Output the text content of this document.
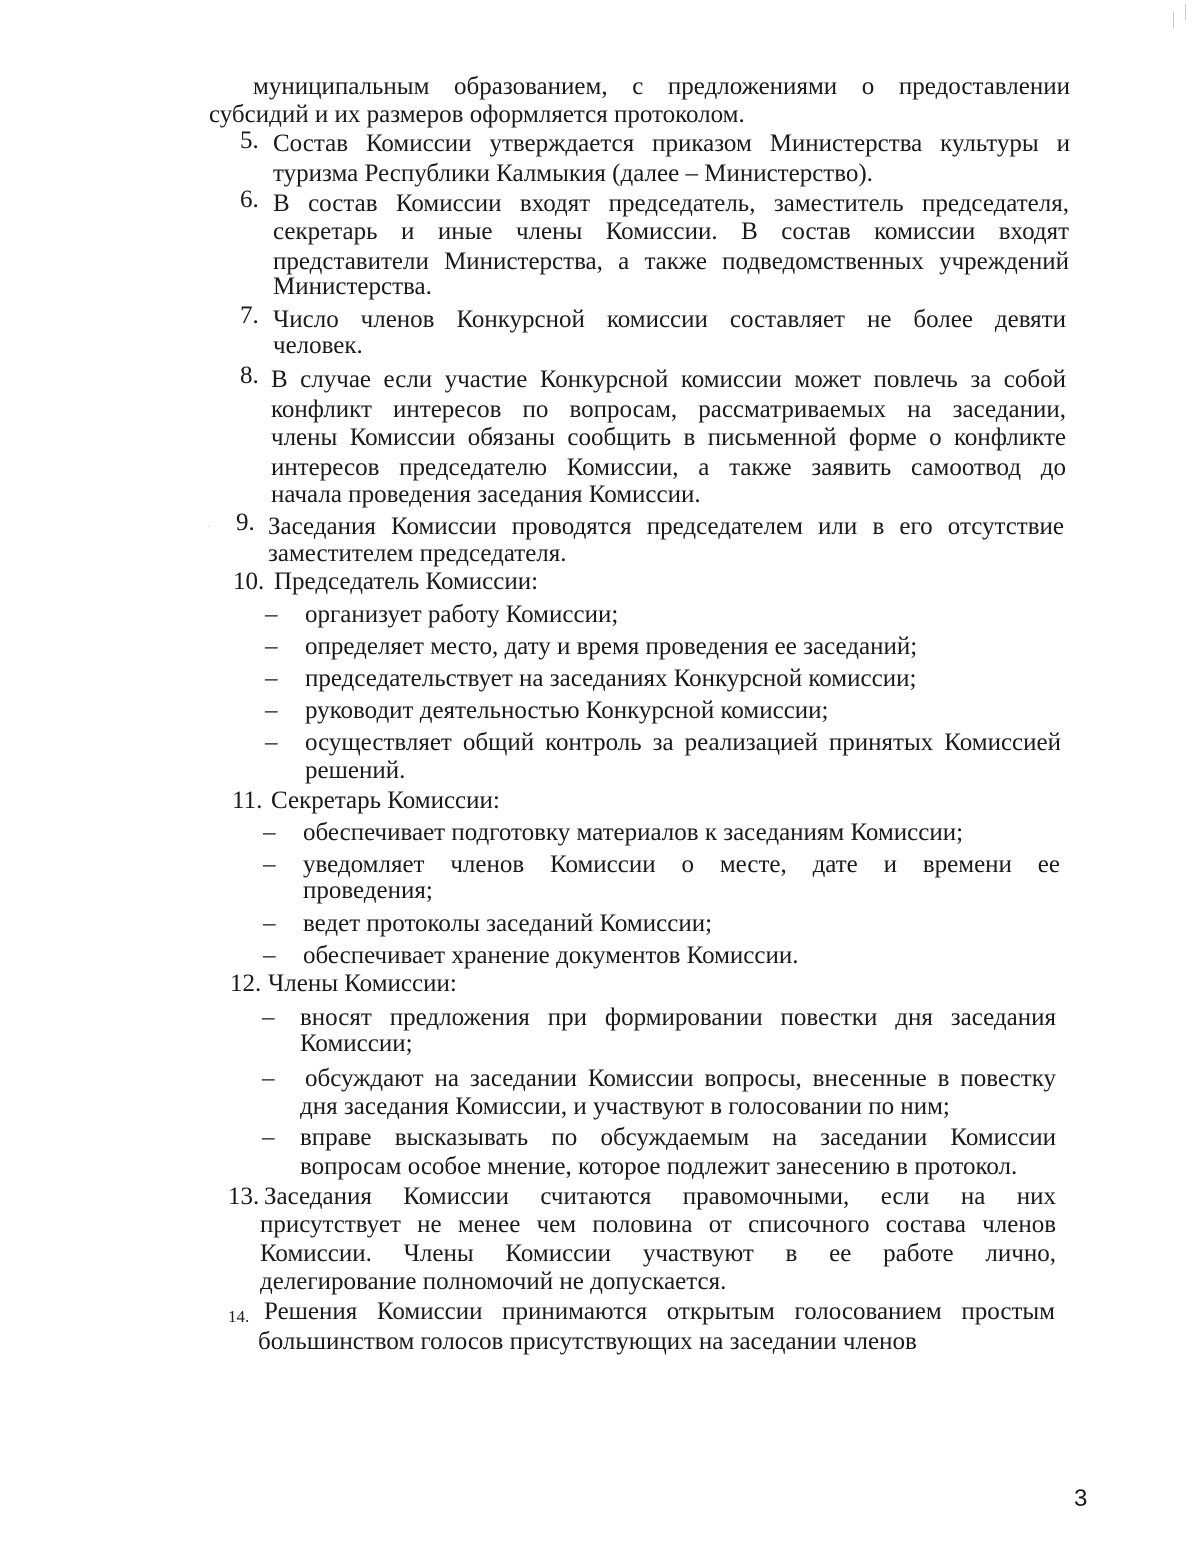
муниципальным образованием, с предложениями о предоставлении
субсидий и их размеров оформляется протоколом.
5. Состав Комиссии утверждается приказом Министерства культуры и
туризма Республики Калмыкия (далее – Министерство).
6. В состав Комиссии входят председатель, заместитель председателя,
секретарь и иные члены Комиссии. В состав комиссии входят
представители Министерства, а также подведомственных учреждений
Министерства.
7. Число членов Конкурсной комиссии составляет не более девяти
человек.
8. В случае если участие Конкурсной комиссии может повлечь за собой
конфликт интересов по вопросам, рассматриваемых на заседании,
члены Комиссии обязаны сообщить в письменной форме о конфликте
интересов председателю Комиссии, а также заявить самоотвод до
начала проведения заседания Комиссии.
9. Заседания Комиссии проводятся председателем или в его отсутствие
заместителем председателя.
10. Председатель Комиссии:
– организует работу Комиссии;
– определяет место, дату и время проведения ее заседаний;
– председательствует на заседаниях Конкурсной комиссии;
– руководит деятельностью Конкурсной комиссии;
– осуществляет общий контроль за реализацией принятых Комиссией
решений.
11. Секретарь Комиссии:
– обеспечивает подготовку материалов к заседаниям Комиссии;
– уведомляет членов Комиссии о месте, дате и времени ее
проведения;
– ведет протоколы заседаний Комиссии;
– обеспечивает хранение документов Комиссии.
12. Члены Комиссии:
– вносят предложения при формировании повестки дня заседания
Комиссии;
– обсуждают на заседании Комиссии вопросы, внесенные в повестку
дня заседания Комиссии, и участвуют в голосовании по ним;
– вправе высказывать по обсуждаемым на заседании Комиссии
вопросам особое мнение, которое подлежит занесению в протокол.
13. Заседания Комиссии считаются правомочными, если на них
присутствует не менее чем половина от списочного состава членов
Комиссии. Члены Комиссии участвуют в ее работе лично,
делегирование полномочий не допускается.
14. Решения Комиссии принимаются открытым голосованием простым
большинством голосов присутствующих на заседании членов
3
